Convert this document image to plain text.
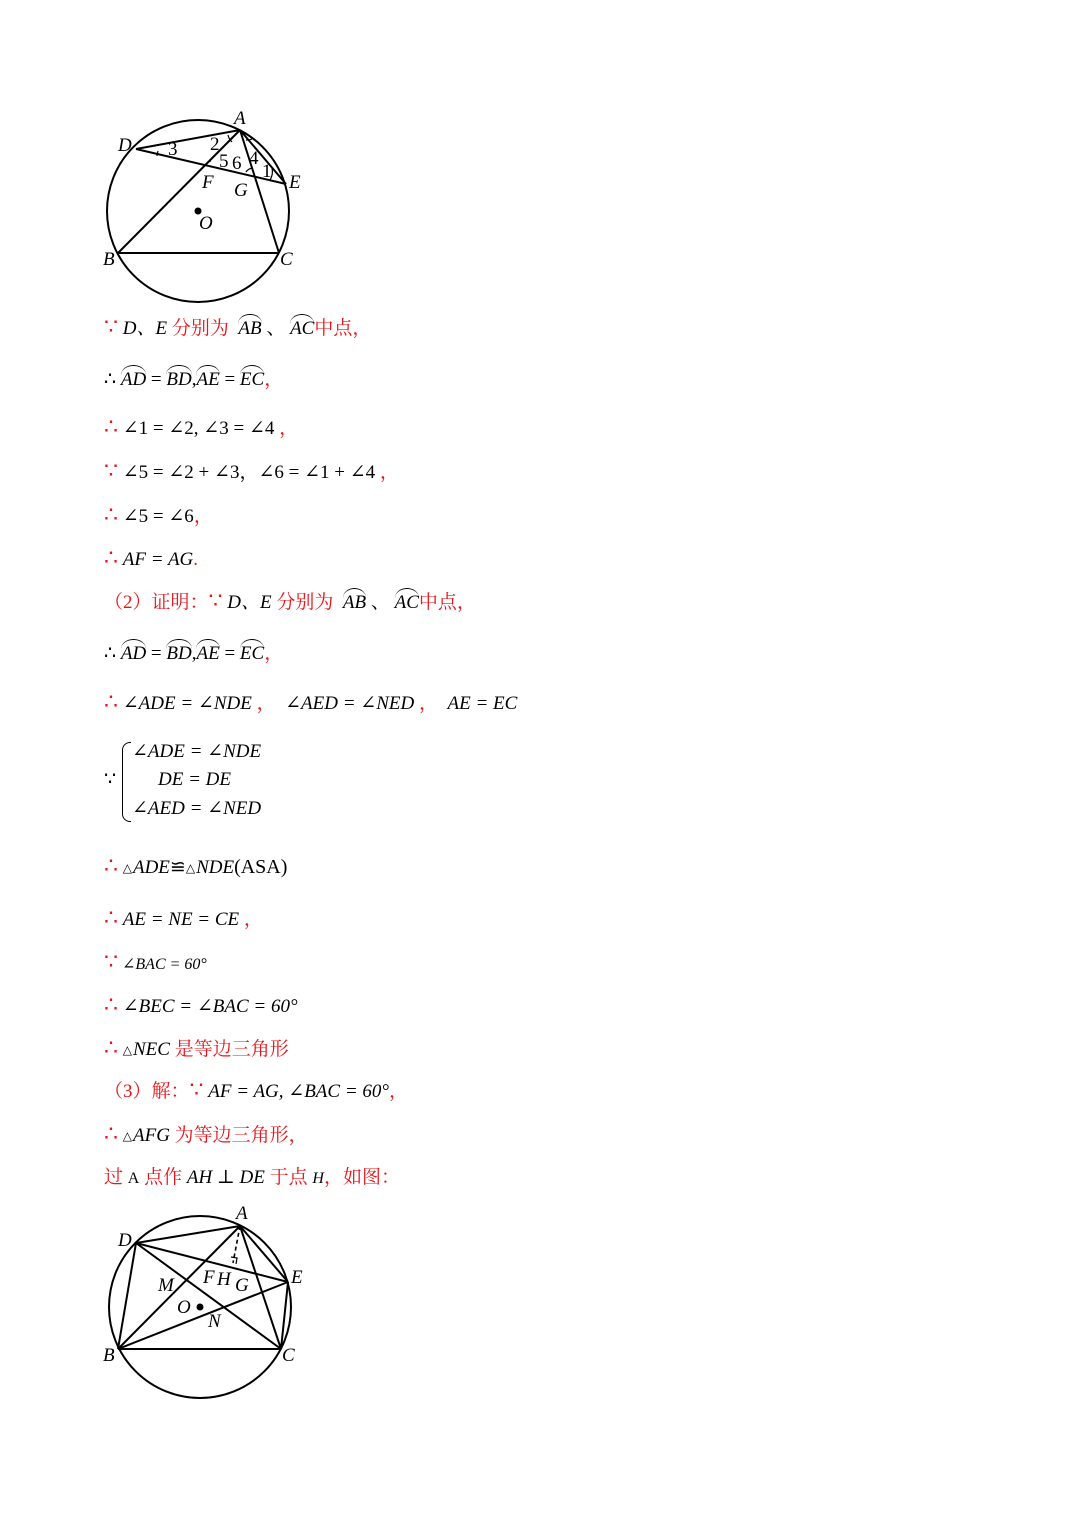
A
D
E
F G
O
B	C
1
2
3	4
5 6
∵ D、E 分别为 AB 、 AC中点，
∴ AD = BD,AE = EC，
∴ ∠1 = ∠2, ∠3 = ∠4 ，
∵ ∠5 = ∠2 + ∠3，∠6 = ∠1 + ∠4 ，
∴ ∠5 = ∠6，
∴ AF = AG.
（2）证明：∵ D、E 分别为 AB 、 AC中点，
∴ AD = BD,AE = EC，
∴ ∠ADE = ∠NDE ， ∠AED = ∠NED ， AE = EC
∵
∠ADE = ∠NDE
DE = DE
∠AED = ∠NED
∴ △ADE≌△NDE(ASA)
∴ AE = NE = CE ，
∵ ∠BAC = 60°
∴ ∠BEC = ∠BAC = 60°
∴ △NEC 是等边三角形
（3）解：∵ AF = AG, ∠BAC = 60°，
∴ △AFG 为等边三角形，
过 A 点作 AH ⊥ DE 于点 H，如图：
A
D
E
F H G
M
O
N
B	C
